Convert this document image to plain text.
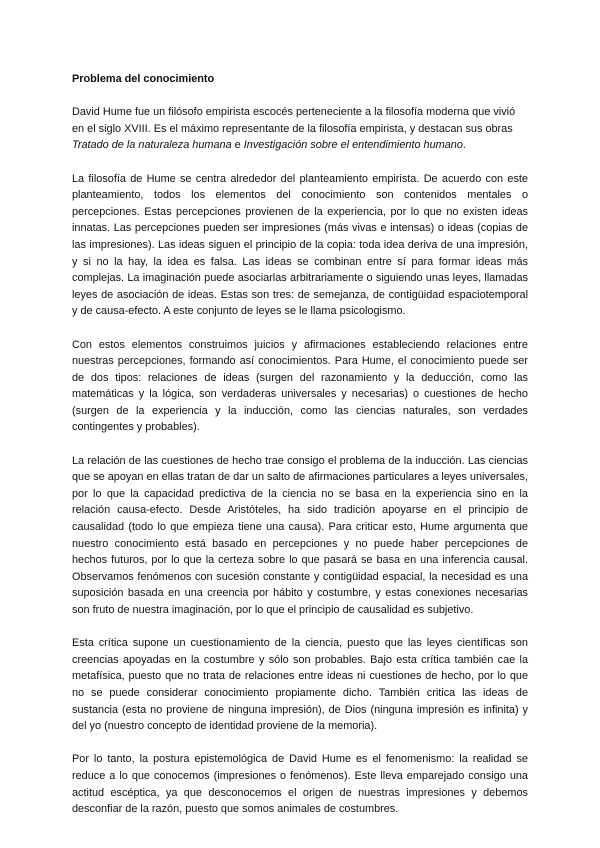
Problema del conocimiento

David Hume fue un filósofo empirista escocés perteneciente a la filosofía moderna que vivió en el siglo XVIII. Es el máximo representante de la filosofía empirista, y destacan sus obras Tratado de la naturaleza humana e Investigación sobre el entendimiento humano.

La filosofía de Hume se centra alrededor del planteamiento empirista. De acuerdo con este planteamiento, todos los elementos del conocimiento son contenidos mentales o percepciones. Estas percepciones provienen de la experiencia, por lo que no existen ideas innatas. Las percepciones pueden ser impresiones (más vivas e intensas) o ideas (copias de las impresiones). Las ideas siguen el principio de la copia: toda idea deriva de una impresión, y si no la hay, la idea es falsa. Las ideas se combinan entre sí para formar ideas más complejas. La imaginación puede asociarlas arbitrariamente o siguiendo unas leyes, llamadas leyes de asociación de ideas. Estas son tres: de semejanza, de contigüidad espaciotemporal y de causa-efecto. A este conjunto de leyes se le llama psicologismo.

Con estos elementos construimos juicios y afirmaciones estableciendo relaciones entre nuestras percepciones, formando así conocimientos. Para Hume, el conocimiento puede ser de dos tipos: relaciones de ideas (surgen del razonamiento y la deducción, como las matemáticas y la lógica, son verdaderas universales y necesarias) o cuestiones de hecho (surgen de la experiencia y la inducción, como las ciencias naturales, son verdades contingentes y probables).

La relación de las cuestiones de hecho trae consigo el problema de la inducción. Las ciencias que se apoyan en ellas tratan de dar un salto de afirmaciones particulares a leyes universales, por lo que la capacidad predictiva de la ciencia no se basa en la experiencia sino en la relación causa-efecto. Desde Aristóteles, ha sido tradición apoyarse en el principio de causalidad (todo lo que empieza tiene una causa). Para criticar esto, Hume argumenta que nuestro conocimiento está basado en percepciones y no puede haber percepciones de hechos futuros, por lo que la certeza sobre lo que pasará se basa en una inferencia causal. Observamos fenómenos con sucesión constante y contigüidad espacial, la necesidad es una suposición basada en una creencia por hábito y costumbre, y estas conexiones necesarias son fruto de nuestra imaginación, por lo que el principio de causalidad es subjetivo.

Esta crítica supone un cuestionamiento de la ciencia, puesto que las leyes científicas son creencias apoyadas en la costumbre y sólo son probables. Bajo esta crítica también cae la metafísica, puesto que no trata de relaciones entre ideas ni cuestiones de hecho, por lo que no se puede considerar conocimiento propiamente dicho. También critica las ideas de sustancia (esta no proviene de ninguna impresión), de Dios (ninguna impresión es infinita) y del yo (nuestro concepto de identidad proviene de la memoria).

Por lo tanto, la postura epistemológica de David Hume es el fenomenismo: la realidad se reduce a lo que conocemos (impresiones o fenómenos). Este lleva emparejado consigo una actitud escéptica, ya que desconocemos el origen de nuestras impresiones y debemos desconfiar de la razón, puesto que somos animales de costumbres.
